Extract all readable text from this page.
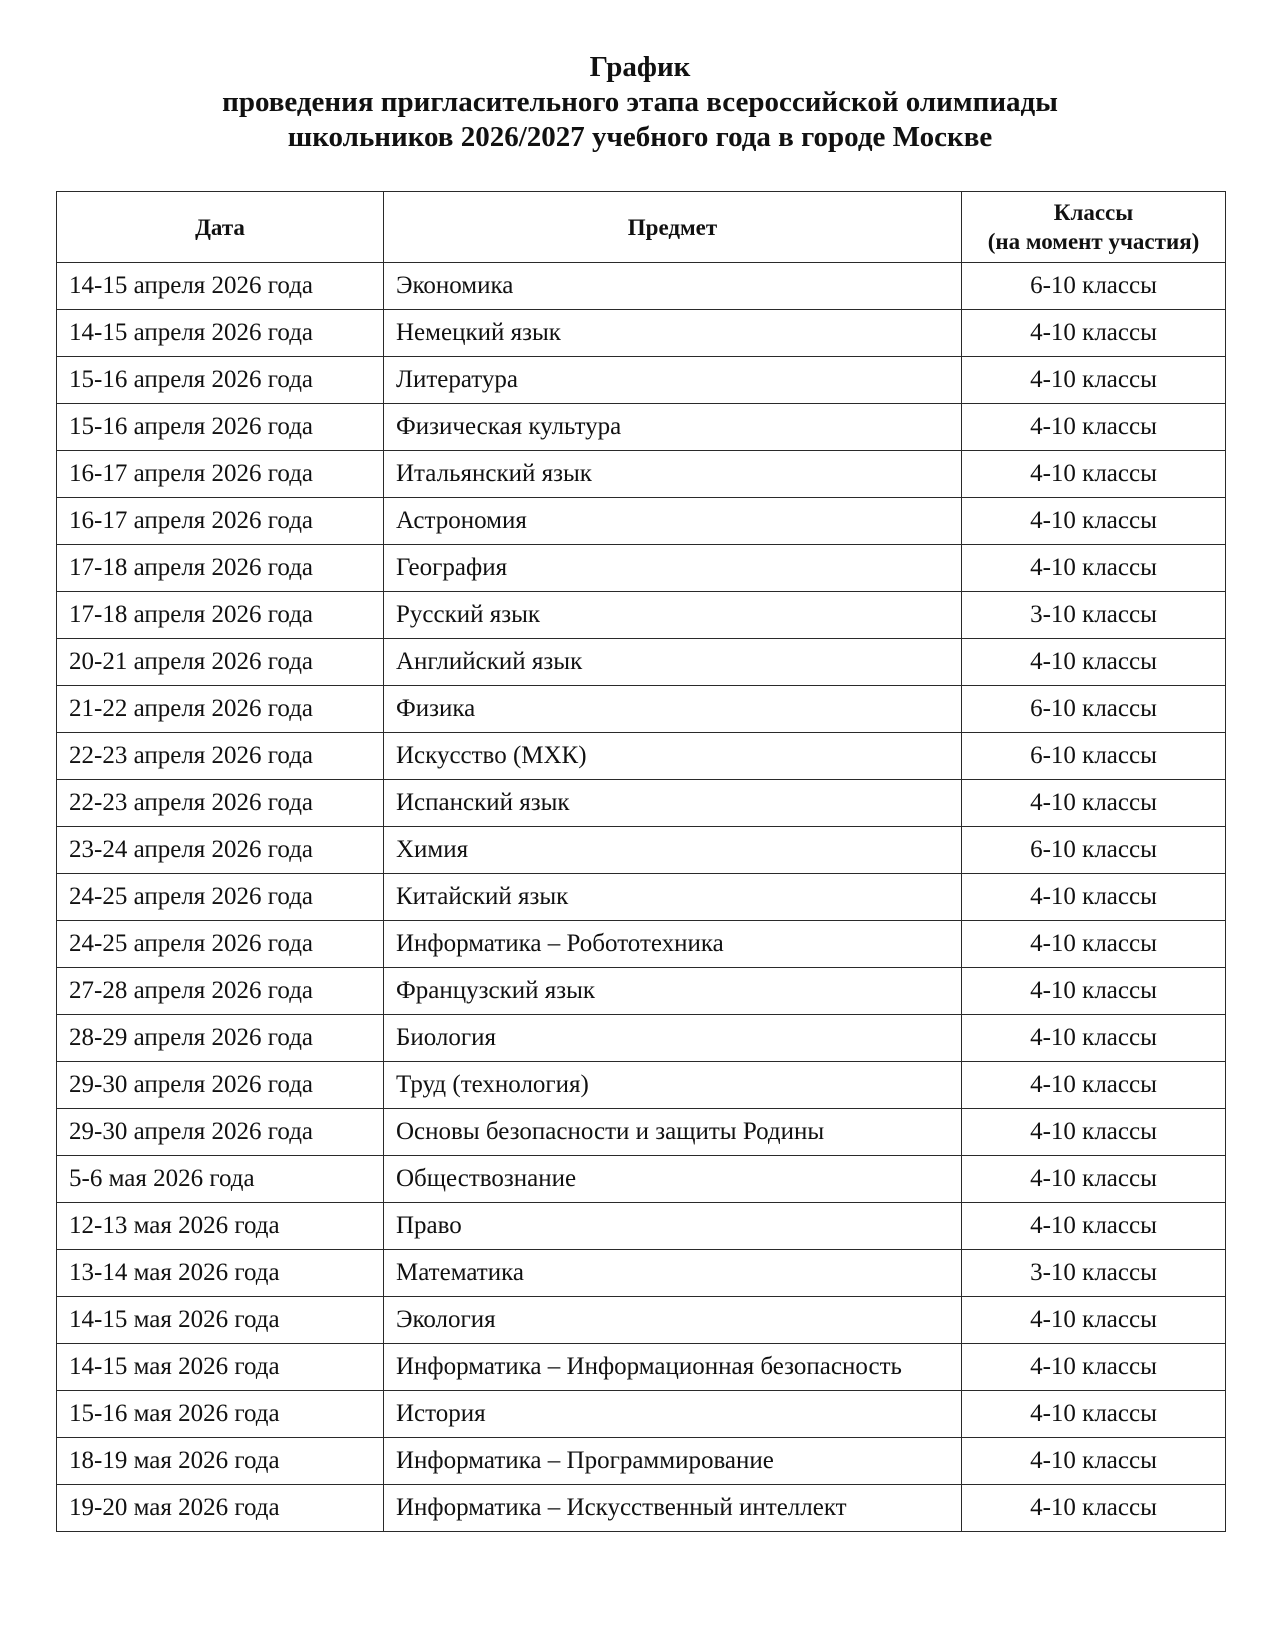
График
проведения пригласительного этапа всероссийской олимпиады
школьников 2026/2027 учебного года в городе Москве
Дата	Предмет	Классы
(на момент участия)

14-15 апреля 2026 года	Экономика	6-10 классы
14-15 апреля 2026 года	Немецкий язык	4-10 классы
15-16 апреля 2026 года	Литература	4-10 классы
15-16 апреля 2026 года	Физическая культура	4-10 классы
16-17 апреля 2026 года	Итальянский язык	4-10 классы
16-17 апреля 2026 года	Астрономия	4-10 классы
17-18 апреля 2026 года	География	4-10 классы
17-18 апреля 2026 года	Русский язык	3-10 классы
20-21 апреля 2026 года	Английский язык	4-10 классы
21-22 апреля 2026 года	Физика	6-10 классы
22-23 апреля 2026 года	Искусство (МХК)	6-10 классы
22-23 апреля 2026 года	Испанский язык	4-10 классы
23-24 апреля 2026 года	Химия	6-10 классы
24-25 апреля 2026 года	Китайский язык	4-10 классы
24-25 апреля 2026 года	Информатика – Робототехника	4-10 классы
27-28 апреля 2026 года	Французский язык	4-10 классы
28-29 апреля 2026 года	Биология	4-10 классы
29-30 апреля 2026 года	Труд (технология)	4-10 классы
29-30 апреля 2026 года	Основы безопасности и защиты Родины	4-10 классы
5-6 мая 2026 года	Обществознание	4-10 классы
12-13 мая 2026 года	Право	4-10 классы
13-14 мая 2026 года	Математика	3-10 классы
14-15 мая 2026 года	Экология	4-10 классы
14-15 мая 2026 года	Информатика – Информационная безопасность	4-10 классы
15-16 мая 2026 года	История	4-10 классы
18-19 мая 2026 года	Информатика – Программирование	4-10 классы
19-20 мая 2026 года	Информатика – Искусственный интеллект	4-10 классы
